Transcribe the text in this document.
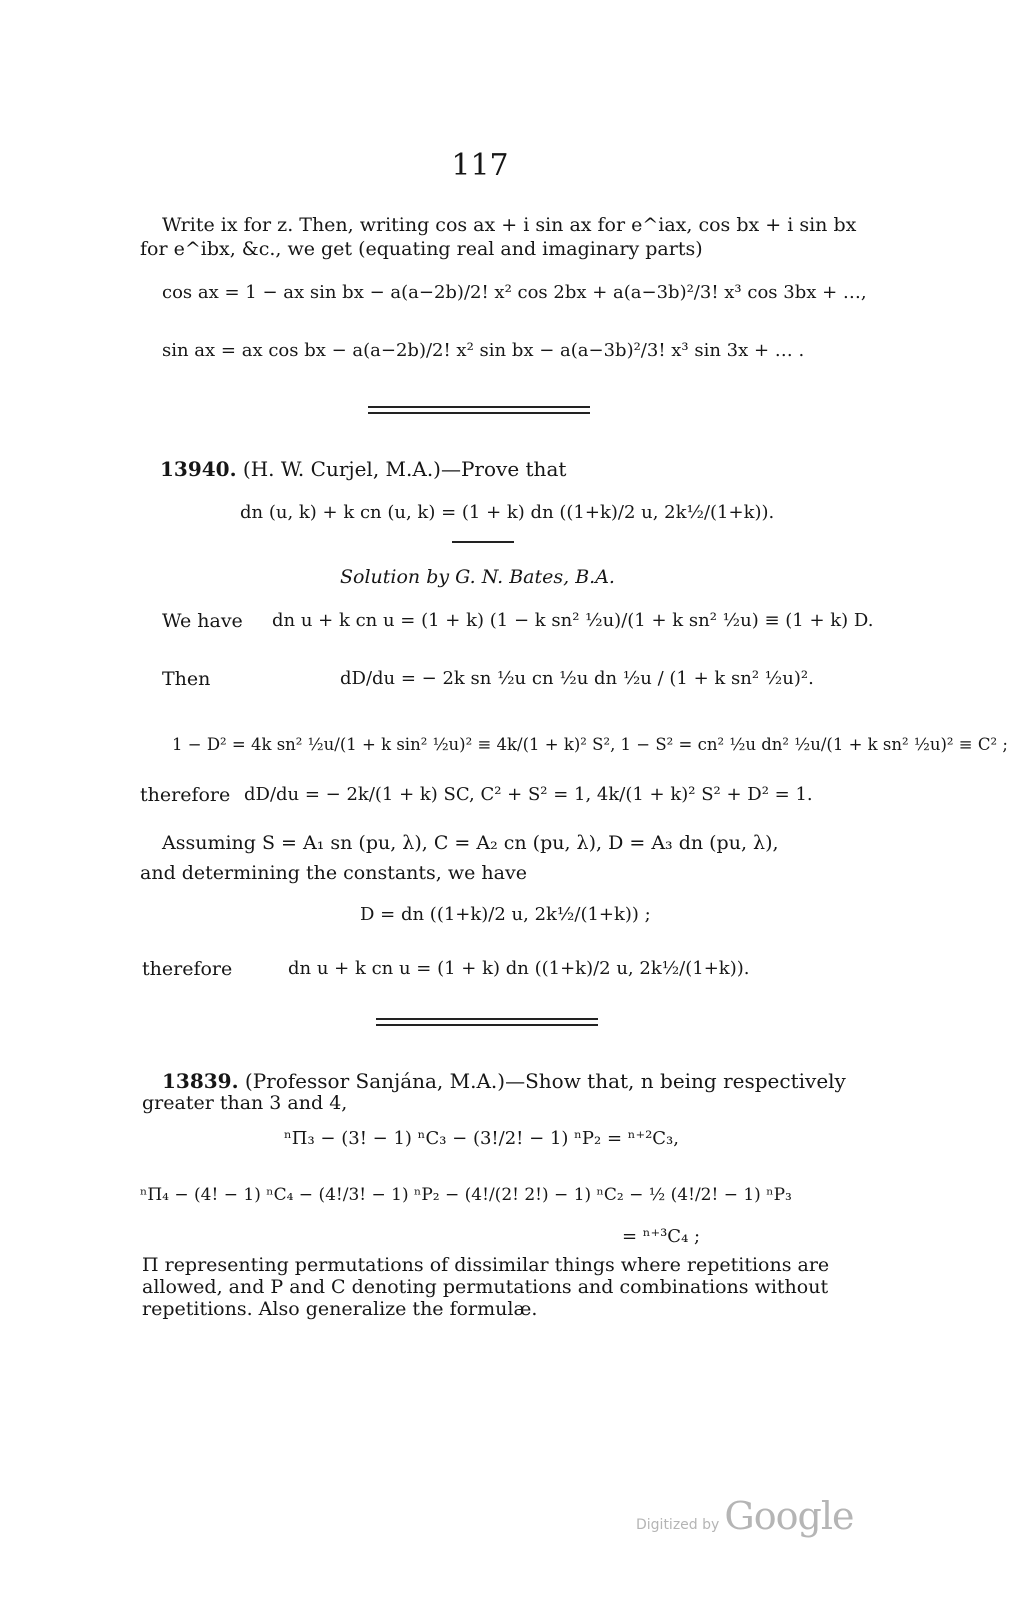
117
Write ix for z. Then, writing cos ax + i sin ax for e^iax, cos bx + i sin bx
for e^ibx, &c., we get (equating real and imaginary parts)
cos ax = 1 − ax sin bx − a(a−2b)/2! x² cos 2bx + a(a−3b)²/3! x³ cos 3bx + …,
sin ax = ax cos bx − a(a−2b)/2! x² sin bx − a(a−3b)²/3! x³ sin 3x + … .
13940. (H. W. Curjel, M.A.)—Prove that
dn (u, k) + k cn (u, k) = (1 + k) dn ((1+k)/2 u, 2k½/(1+k)).
Solution by G. N. Bates, B.A.
We have dn u + k cn u = (1 + k) (1 − k sn² ½u)/(1 + k sn² ½u) ≡ (1 + k) D.
Then	dD/du = − 2k sn ½u cn ½u dn ½u / (1 + k sn² ½u)².
1 − D² = 4k sn² ½u/(1 + k sin² ½u)² ≡ 4k/(1 + k)² S², 1 − S² = cn² ½u dn² ½u/(1 + k sn² ½u)² ≡ C² ;
therefore dD/du = − 2k/(1 + k) SC, C² + S² = 1, 4k/(1 + k)² S² + D² = 1.
Assuming S = A₁ sn (pu, λ), C = A₂ cn (pu, λ), D = A₃ dn (pu, λ),
and determining the constants, we have
D = dn ((1+k)/2 u, 2k½/(1+k)) ;
therefore	dn u + k cn u = (1 + k) dn ((1+k)/2 u, 2k½/(1+k)).
13839. (Professor Sanjána, M.A.)—Show that, n being respectively
greater than 3 and 4,
ⁿΠ₃ − (3! − 1) ⁿC₃ − (3!/2! − 1) ⁿP₂ = ⁿ⁺²C₃,
ⁿΠ₄ − (4! − 1) ⁿC₄ − (4!/3! − 1) ⁿP₂ − (4!/(2! 2!) − 1) ⁿC₂ − ½ (4!/2! − 1) ⁿP₃
= ⁿ⁺³C₄ ;
Π representing permutations of dissimilar things where repetitions are
allowed, and P and C denoting permutations and combinations without
repetitions. Also generalize the formulæ.
Digitized by Google
